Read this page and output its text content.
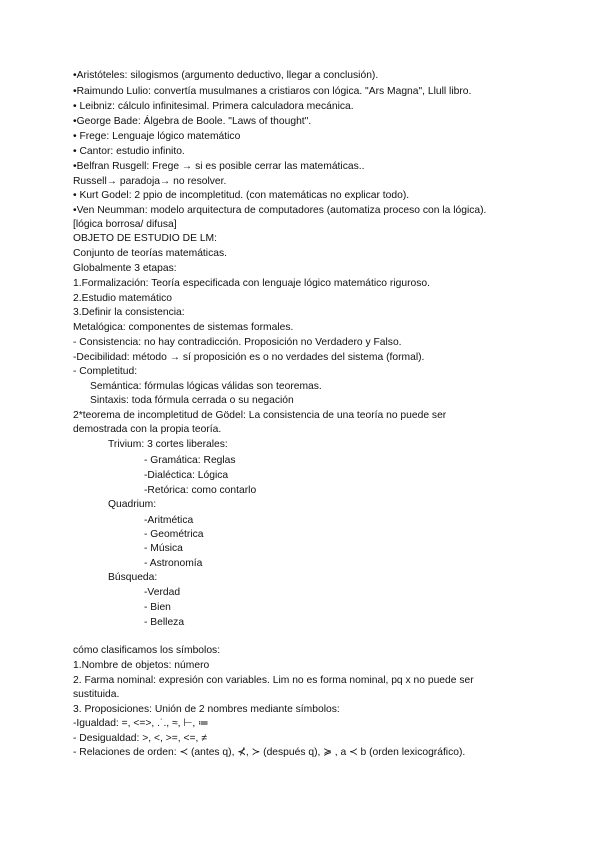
•Aristóteles: silogismos (argumento deductivo, llegar a conclusión).
•Raimundo Lulio: convertía musulmanes a cristiaros con lógica. "Ars Magna", Llull libro.
• Leibniz: cálculo infinitesimal. Primera calculadora mecánica.
•George Bade: Álgebra de Boole. "Laws of thought".
• Frege: Lenguaje lógico matemático
• Cantor: estudio infinito.
•Belfran Rusgell: Frege → si es posible cerrar las matemáticas..
Russell→ paradoja→ no resolver.
• Kurt Godel: 2 ppio de incompletitud. (con matemáticas no explicar todo).
•Ven Neumman: modelo arquitectura de computadores (automatiza proceso con la lógica).
[lógica borrosa/ difusa]
OBJETO DE ESTUDIO DE LM:
Conjunto de teorías matemáticas.
Globalmente 3 etapas:
1.Formalización: Teoría especificada con lenguaje lógico matemático riguroso.
2.Estudio matemático
3.Definir la consistencia:
Metalógica: componentes de sistemas formales.
- Consistencia: no hay contradicción. Proposición no Verdadero y Falso.
-Decibilidad: método → sí proposición es o no verdades del sistema (formal).
- Completitud:
Semántica: fórmulas lógicas válidas son teoremas.
Sintaxis: toda fórmula cerrada o su negación
2*teorema de incompletitud de Gödel: La consistencia de una teoría no puede ser
demostrada con la propia teoría.
Trivium: 3 cortes liberales:
- Gramática: Reglas
-Dialéctica: Lógica
-Retórica: como contarlo
Quadrium:
-Aritmética
- Geométrica
- Música
- Astronomía
Búsqueda:
-Verdad
- Bien
- Belleza
cómo clasificamos los símbolos:
1.Nombre de objetos: número
2. Farma nominal: expresión con variables. Lim no es forma nominal, pq x no puede ser
sustituida.
3. Proposiciones: Unión de 2 nombres mediante símbolos:
-Igualdad: =, <=>, .˙., ≈, ⊢, ≔
- Desigualdad: >, <, >=, <=, ≠
- Relaciones de orden: ≺ (antes q), ⊀, ≻ (después q), ≽ , a ≺ b (orden lexicográfico).
